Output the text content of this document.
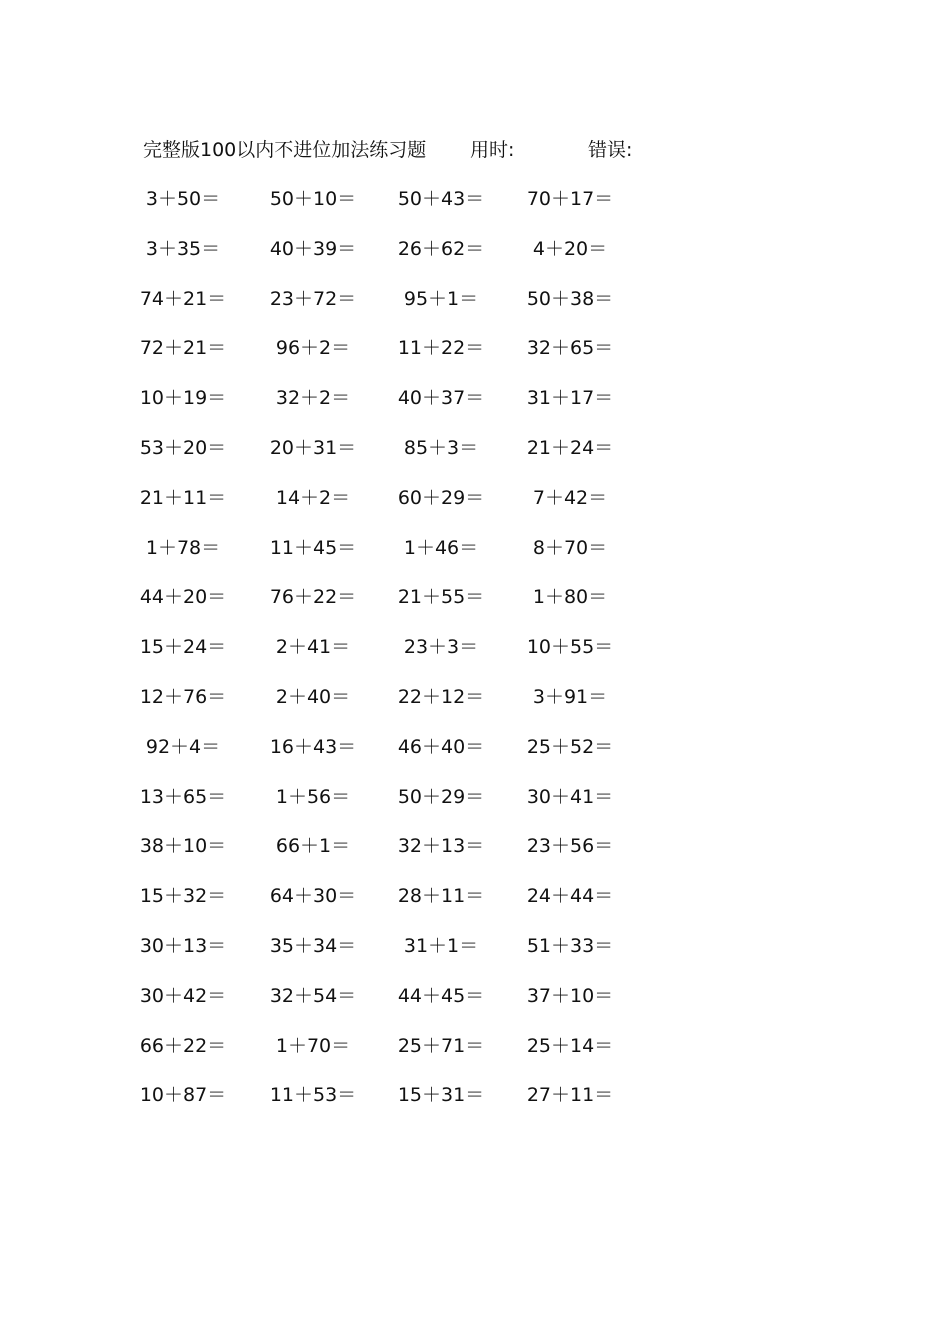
完整版100以内不进位加法练习题 用时:	错误:
3＋50＝	50＋10＝	50＋43＝	70＋17＝
3＋35＝	40＋39＝	26＋62＝	4＋20＝
74＋21＝	23＋72＝	95＋1＝	50＋38＝
72＋21＝	96＋2＝	11＋22＝	32＋65＝
10＋19＝	32＋2＝	40＋37＝	31＋17＝
53＋20＝	20＋31＝	85＋3＝	21＋24＝
21＋11＝	14＋2＝	60＋29＝	7＋42＝
1＋78＝	11＋45＝	1＋46＝	8＋70＝
44＋20＝	76＋22＝	21＋55＝	1＋80＝
15＋24＝	2＋41＝	23＋3＝	10＋55＝
12＋76＝	2＋40＝	22＋12＝	3＋91＝
92＋4＝	16＋43＝	46＋40＝	25＋52＝
13＋65＝	1＋56＝	50＋29＝	30＋41＝
38＋10＝	66＋1＝	32＋13＝	23＋56＝
15＋32＝	64＋30＝	28＋11＝	24＋44＝
30＋13＝	35＋34＝	31＋1＝	51＋33＝
30＋42＝	32＋54＝	44＋45＝	37＋10＝
66＋22＝	1＋70＝	25＋71＝	25＋14＝
10＋87＝	11＋53＝	15＋31＝	27＋11＝
